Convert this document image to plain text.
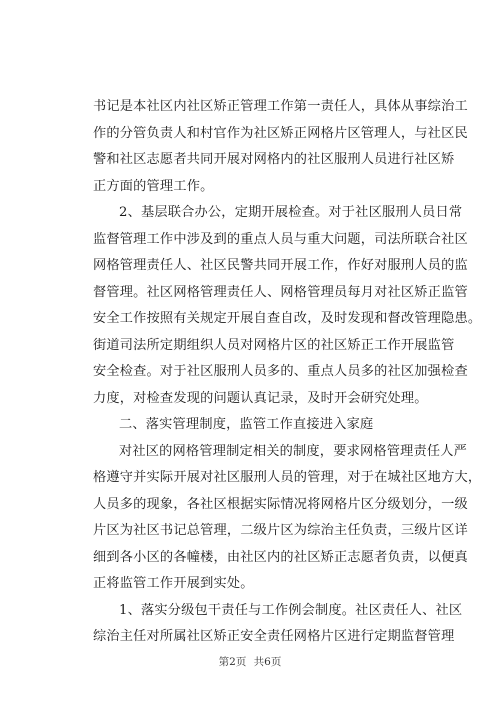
书记是本社区内社区矫正管理工作第一责任人，具体从事综治工
作的分管负责人和村官作为社区矫正网格片区管理人，与社区民
警和社区志愿者共同开展对网格内的社区服刑人员进行社区矫
正方面的管理工作。
2、基层联合办公，定期开展检查。对于社区服刑人员日常
监督管理工作中涉及到的重点人员与重大问题，司法所联合社区
网格管理责任人、社区民警共同开展工作，作好对服刑人员的监
督管理。社区网格管理责任人、网格管理员每月对社区矫正监管
安全工作按照有关规定开展自查自改，及时发现和督改管理隐患。
街道司法所定期组织人员对网格片区的社区矫正工作开展监管
安全检查。对于社区服刑人员多的、重点人员多的社区加强检查
力度，对检查发现的问题认真记录，及时开会研究处理。
二、落实管理制度，监管工作直接进入家庭
对社区的网格管理制定相关的制度，要求网格管理责任人严
格遵守并实际开展对社区服刑人员的管理，对于在城社区地方大，
人员多的现象，各社区根据实际情况将网格片区分级划分，一级
片区为社区书记总管理，二级片区为综治主任负责，三级片区详
细到各小区的各幢楼，由社区内的社区矫正志愿者负责，以便真
正将监管工作开展到实处。
1、落实分级包干责任与工作例会制度。社区责任人、社区
综治主任对所属社区矫正安全责任网格片区进行定期监督管理
第2页 共6页
